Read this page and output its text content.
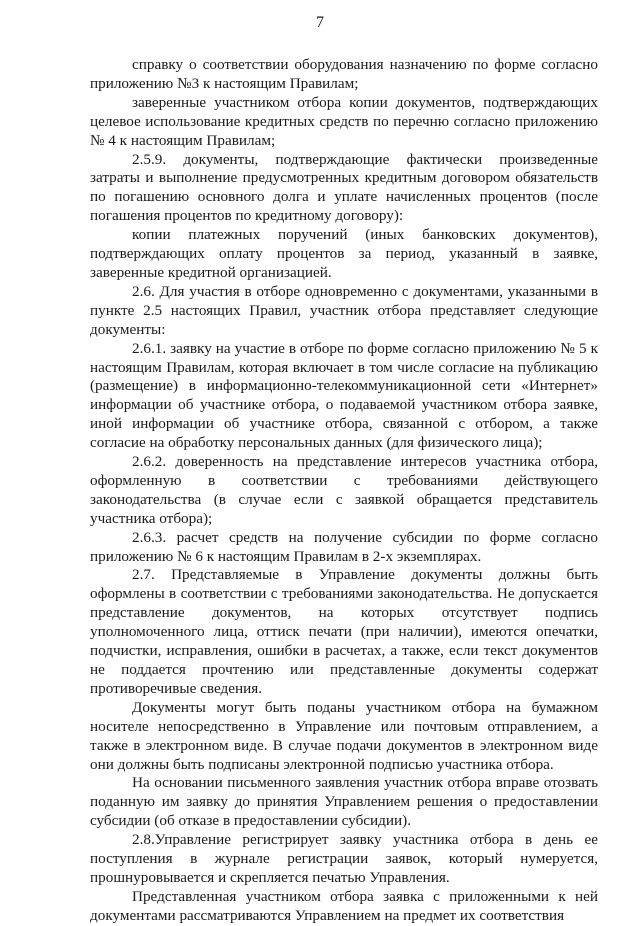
7

справку о соответствии оборудования назначению по форме согласно приложению №3 к настоящим Правилам;

заверенные участником отбора копии документов, подтверждающих целевое использование кредитных средств по перечню согласно приложению № 4 к настоящим Правилам;

2.5.9. документы, подтверждающие фактически произведенные затраты и выполнение предусмотренных кредитным договором обязательств по погашению основного долга и уплате начисленных процентов (после погашения процентов по кредитному договору):

копии платежных поручений (иных банковских документов), подтверждающих оплату процентов за период, указанный в заявке, заверенные кредитной организацией.

2.6. Для участия в отборе одновременно с документами, указанными в пункте 2.5 настоящих Правил, участник отбора представляет следующие документы:

2.6.1. заявку на участие в отборе по форме согласно приложению № 5 к настоящим Правилам, которая включает в том числе согласие на публикацию (размещение) в информационно-телекоммуникационной сети «Интернет» информации об участнике отбора, о подаваемой участником отбора заявке, иной информации об участнике отбора, связанной с отбором, а также согласие на обработку персональных данных (для физического лица);

2.6.2. доверенность на представление интересов участника отбора, оформленную в соответствии с требованиями действующего законодательства (в случае если с заявкой обращается представитель участника отбора);

2.6.3. расчет средств на получение субсидии по форме согласно приложению № 6 к настоящим Правилам в 2-х экземплярах.

2.7. Представляемые в Управление документы должны быть оформлены в соответствии с требованиями законодательства. Не допускается представление документов, на которых отсутствует подпись уполномоченного лица, оттиск печати (при наличии), имеются опечатки, подчистки, исправления, ошибки в расчетах, а также, если текст документов не поддается прочтению или представленные документы содержат противоречивые сведения.

Документы могут быть поданы участником отбора на бумажном носителе непосредственно в Управление или почтовым отправлением, а также в электронном виде. В случае подачи документов в электронном виде они должны быть подписаны электронной подписью участника отбора.

На основании письменного заявления участник отбора вправе отозвать поданную им заявку до принятия Управлением решения о предоставлении субсидии (об отказе в предоставлении субсидии).

2.8.Управление регистрирует заявку участника отбора в день ее поступления в журнале регистрации заявок, который нумеруется, прошнуровывается и скрепляется печатью Управления.

Представленная участником отбора заявка с приложенными к ней документами рассматриваются Управлением на предмет их соответствия
